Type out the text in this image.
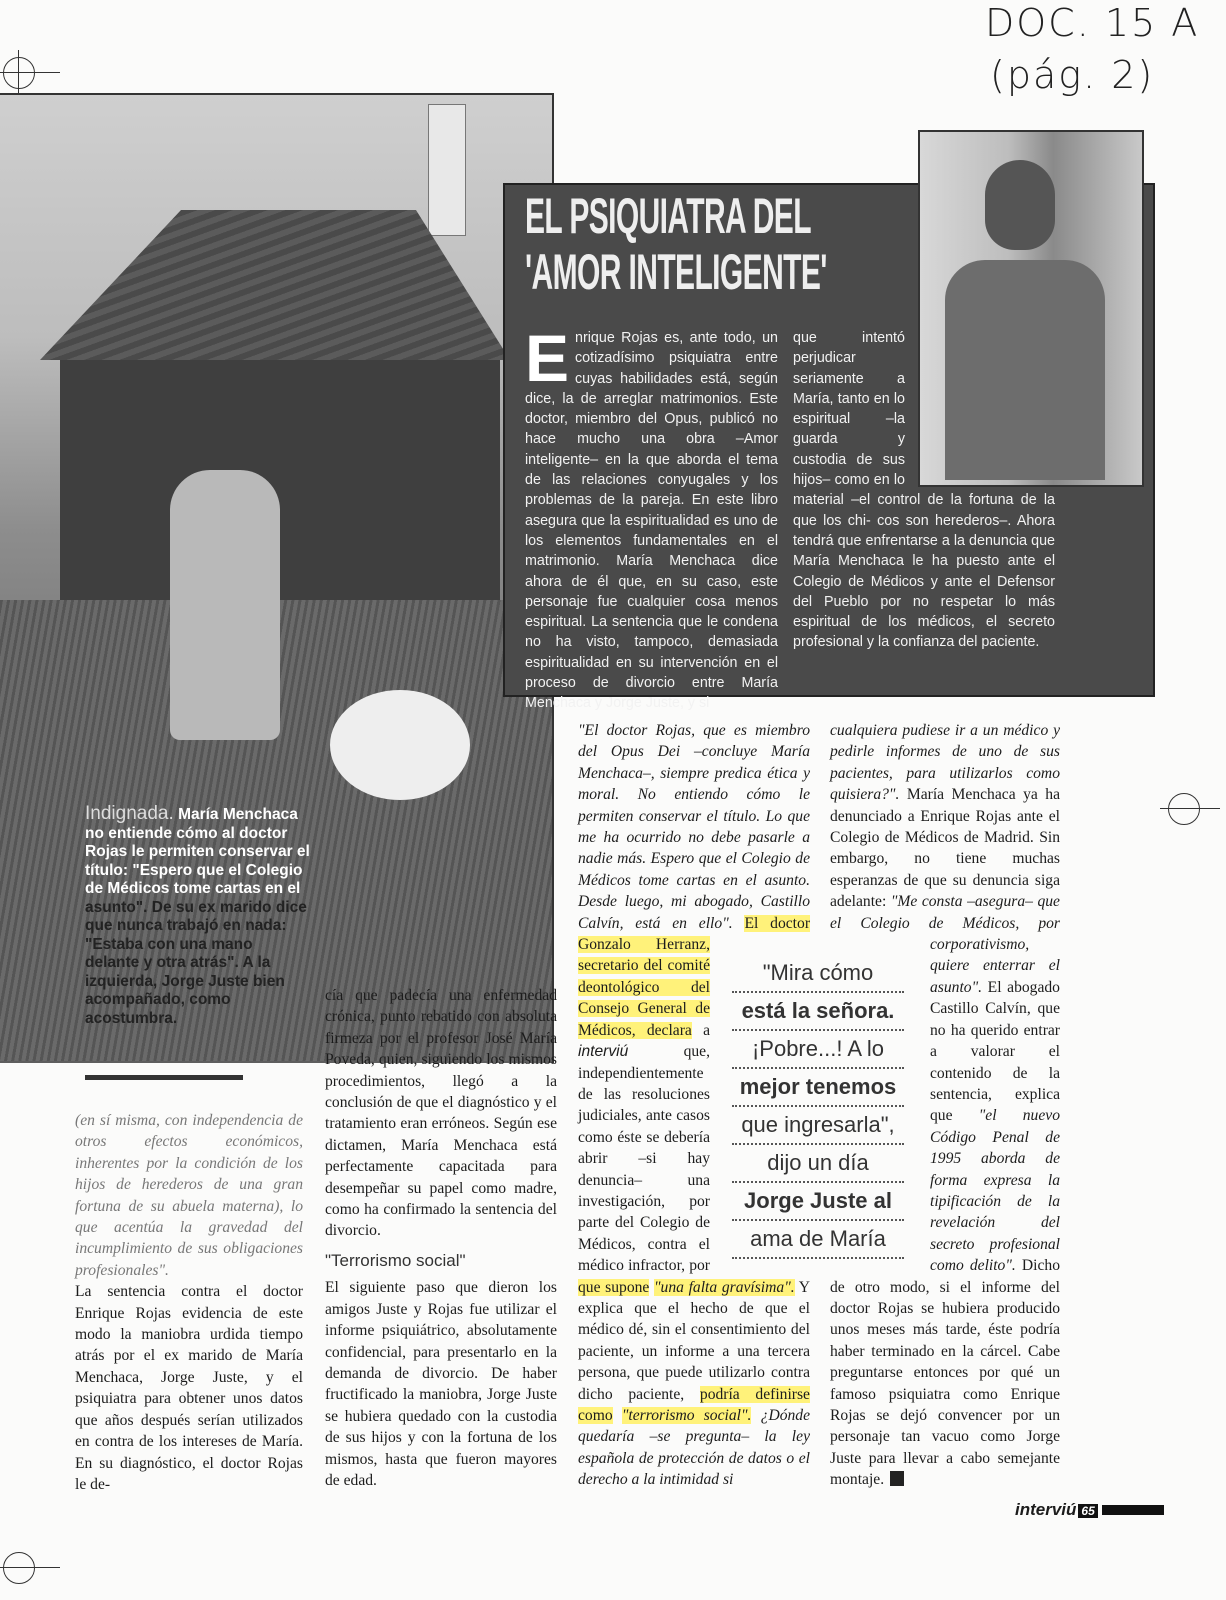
DOC. 15 A
(pág. 2)
Indignada. María Menchaca no entiende cómo al doctor Rojas le permiten conservar el título: "Espero que el Colegio de Médicos tome cartas en el asunto". De su ex marido dice que nunca trabajó en nada: "Estaba con una mano delante y otra atrás". A la izquierda, Jorge Juste bien acompañado, como acostumbra.
EL PSIQUIATRA DEL
'AMOR INTELIGENTE'
Enrique Rojas es, ante todo, un cotizadísimo psiquiatra entre cuyas habilidades está, según dice, la de arreglar matrimonios. Este doctor, miembro del Opus, publicó no hace mucho una obra –Amor inteligente– en la que aborda el tema de las relaciones conyugales y los problemas de la pareja. En este libro asegura que la espiritualidad es uno de los elementos fundamentales en el matrimonio. María Menchaca dice ahora de él que, en su caso, este personaje fue cualquier cosa menos espiritual. La sentencia que le condena no ha visto, tampoco, demasiada espiritualidad en su intervención en el proceso de divorcio entre María Menchaca y Jorge Juste, y si
que intentó perjudicar seriamente a María, tanto en lo espiritual –la guarda y custodia de sus hijos– como en lo material –el control de la fortuna de la que los chi- cos son herederos–. Ahora tendrá que enfrentarse a la denuncia que María Menchaca le ha puesto ante el Colegio de Médicos y ante el Defensor del Pueblo por no respetar lo más espiritual de los médicos, el secreto profesional y la confianza del paciente.
(en sí misma, con independencia de otros efectos económicos, inherentes por la condición de los hijos de herederos de una gran fortuna de su abuela materna), lo que acentúa la gravedad del incumplimiento de sus obligaciones profesionales".
La sentencia contra el doctor Enrique Rojas evidencia de este modo la maniobra urdida tiempo atrás por el ex marido de María Menchaca, Jorge Juste, y el psiquiatra para obtener unos datos que años después serían utilizados en contra de los intereses de María. En su diagnóstico, el doctor Rojas le de-
cía que padecía una enfermedad crónica, punto rebatido con absoluta firmeza por el profesor José María Poveda, quien, siguiendo los mismos procedimientos, llegó a la conclusión de que el diagnóstico y el tratamiento eran erróneos. Según ese dictamen, María Menchaca está perfectamente capacitada para desempeñar su papel como madre, como ha confirmado la sentencia del divorcio.
"Terrorismo social"
El siguiente paso que dieron los amigos Juste y Rojas fue utilizar el informe psiquiátrico, absolutamente confidencial, para presentarlo en la demanda de divorcio. De haber fructificado la maniobra, Jorge Juste se hubiera quedado con la custodia de sus hijos y con la fortuna de los mismos, hasta que fueron mayores de edad.
"El doctor Rojas, que es miembro del Opus Dei –concluye María Menchaca–, siempre predica ética y moral. No entiendo cómo le permiten conservar el título. Lo que me ha ocurrido no debe pasarle a nadie más. Espero que el Colegio de Médicos tome cartas en el asunto. Desde luego, mi abogado, Castillo Calvín, está en ello". El doctor Gonzalo Herranz, secretario del comité deontológico del Consejo General de Médicos, declara a interviú	que, independientemente de las resoluciones judiciales, ante casos como éste se debería abrir –si hay denuncia– una investigación, por parte del Colegio de Médicos, contra el médico infractor, por que supone "una falta gravísima". Y explica que el hecho de que el médico dé, sin el consentimiento del paciente, un informe a una tercera persona, que puede utilizarlo contra dicho paciente, podría definirse como "terrorismo social". ¿Dónde quedaría –se pregunta– la ley española de protección de datos o el derecho a la intimidad si
cualquiera pudiese ir a un médico y pedirle informes de uno de sus pacientes, para utilizarlos como quisiera?". María Menchaca ya ha denunciado a Enrique Rojas ante el Colegio de Médicos de Madrid. Sin embargo, no tiene muchas esperanzas de que su denuncia siga adelante: "Me consta –asegura– que el Colegio de Médicos, por corporativismo, quiere enterrar el asunto". El abogado Castillo Calvín, que no ha querido entrar a valorar el contenido de la sentencia, explica que "el nuevo Código Penal de 1995 aborda de forma expresa la tipificación de la revelación del secreto profesional como delito". Dicho de otro modo, si el informe del doctor Rojas se hubiera producido unos meses más tarde, éste podría haber terminado en la cárcel. Cabe preguntarse entonces por qué un famoso psiquiatra como Enrique Rojas se dejó convencer por un personaje tan vacuo como Jorge Juste para llevar a cabo semejante montaje.
"Mira cómo
está la señora.
¡Pobre...! A lo
mejor tenemos
que ingresarla",
dijo un día
Jorge Juste al
ama de María
interviú 65
